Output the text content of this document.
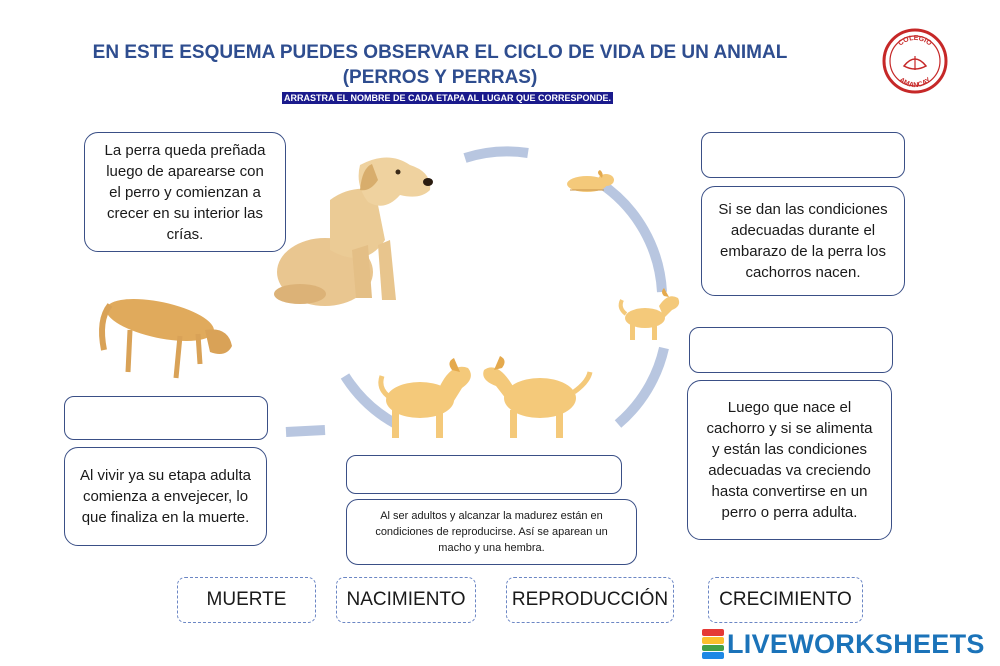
EN ESTE ESQUEMA PUEDES OBSERVAR EL CICLO DE VIDA DE UN ANIMAL (PERROS Y PERRAS)
ARRASTRA EL NOMBRE DE CADA ETAPA AL LUGAR QUE CORRESPONDE.
COLEGIO
AMANCAY
La perra queda preñada luego de aparearse con el perro y comienzan a crecer en su interior las crías.
Si se dan las condiciones adecuadas durante el embarazo de la perra los cachorros nacen.
Luego que nace el cachorro y si se alimenta y están las condiciones adecuadas va creciendo hasta convertirse en un perro o perra adulta.
Al ser adultos y alcanzar la madurez están en condiciones de reproducirse. Así se aparean un macho y una hembra.
Al vivir ya su etapa adulta comienza a envejecer, lo que finaliza en la muerte.
MUERTE	NACIMIENTO	REPRODUCCIÓN	CRECIMIENTO
LIVEWORKSHEETS
